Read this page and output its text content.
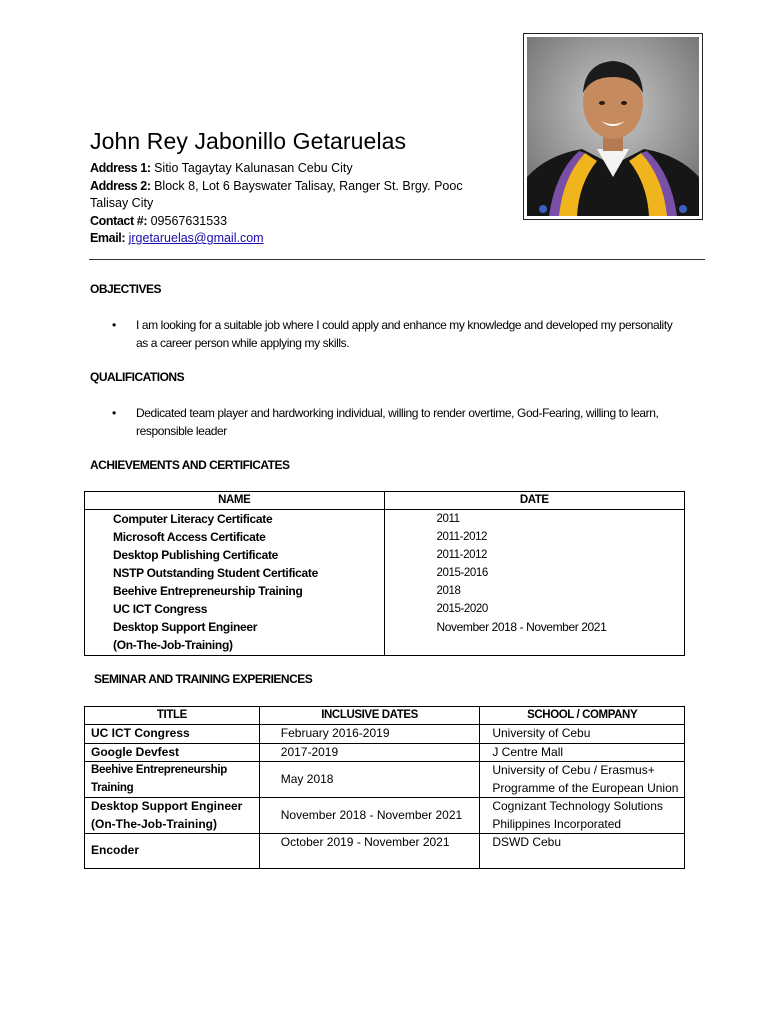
John Rey Jabonillo Getaruelas
Address 1: Sitio Tagaytay Kalunasan Cebu City
Address 2: Block 8, Lot 6 Bayswater Talisay, Ranger St. Brgy. Pooc Talisay City
Contact #: 09567631533
Email: jrgetaruelas@gmail.com
OBJECTIVES
• I am looking for a suitable job where I could apply and enhance my knowledge and developed my personality as a career person while applying my skills.
QUALIFICATIONS
• Dedicated team player and hardworking individual, willing to render overtime, God-Fearing, willing to learn, responsible leader
ACHIEVEMENTS AND CERTIFICATES
NAME	DATE
Computer Literacy Certificate	2011
Microsoft Access Certificate	2011-2012
Desktop Publishing Certificate	2011-2012
NSTP Outstanding Student Certificate	2015-2016
Beehive Entrepreneurship Training	2018
UC ICT Congress	2015-2020

Desktop Support Engineer
(On-The-Job-Training)	November 2018 - November 2021
SEMINAR AND TRAINING EXPERIENCES
TITLE	INCLUSIVE DATES	SCHOOL / COMPANY
UC ICT Congress	February 2016-2019	University of Cebu
Google Devfest	2017-2019	J Centre Mall
Beehive Entrepreneurship Training	May 2018	University of Cebu / Erasmus+ Programme of the European Union
Desktop Support Engineer (On-The-Job-Training)	November 2018 - November 2021	Cognizant Technology Solutions Philippines Incorporated
Encoder	October 2019 - November 2021	DSWD Cebu
